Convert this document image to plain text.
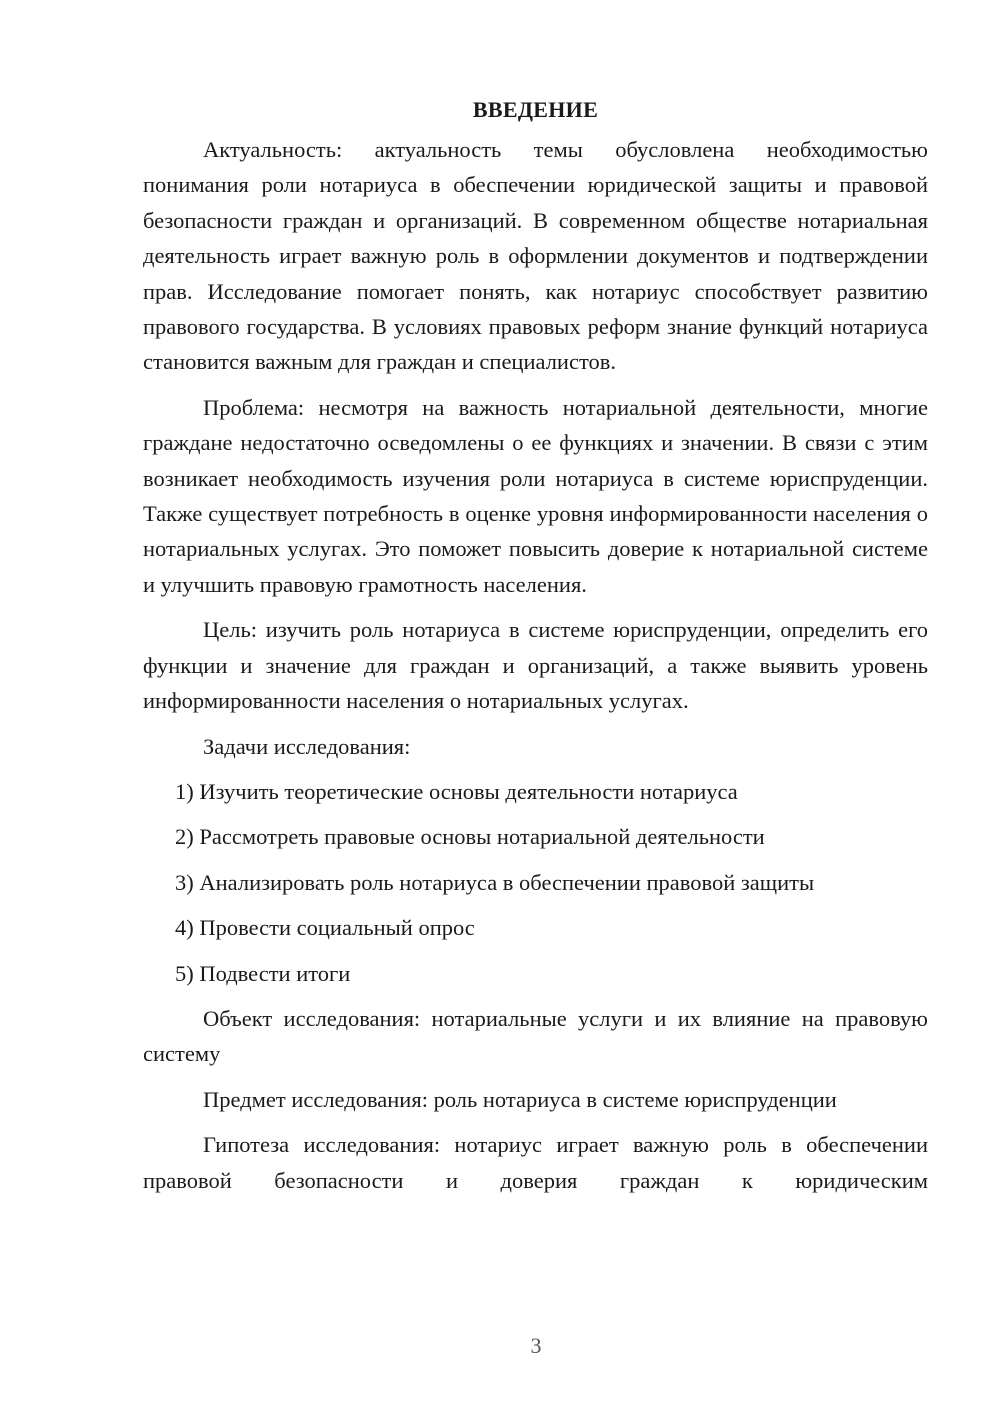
ВВЕДЕНИЕ

Актуальность: актуальность темы обусловлена необходимостью понимания роли нотариуса в обеспечении юридической защиты и правовой безопасности граждан и организаций. В современном обществе нотариальная деятельность играет важную роль в оформлении документов и подтверждении прав. Исследование помогает понять, как нотариус способствует развитию правового государства. В условиях правовых реформ знание функций нотариуса становится важным для граждан и специалистов.

Проблема: несмотря на важность нотариальной деятельности, многие граждане недостаточно осведомлены о ее функциях и значении. В связи с этим возникает необходимость изучения роли нотариуса в системе юриспруденции. Также существует потребность в оценке уровня информированности населения о нотариальных услугах. Это поможет повысить доверие к нотариальной системе и улучшить правовую грамотность населения.

Цель: изучить роль нотариуса в системе юриспруденции, определить его функции и значение для граждан и организаций, а также выявить уровень информированности населения о нотариальных услугах.

Задачи исследования:

1) Изучить теоретические основы деятельности нотариуса
2) Рассмотреть правовые основы нотариальной деятельности
3) Анализировать роль нотариуса в обеспечении правовой защиты
4) Провести социальный опрос
5) Подвести итоги

Объект исследования: нотариальные услуги и их влияние на правовую систему

Предмет исследования: роль нотариуса в системе юриспруденции

Гипотеза исследования: нотариус играет важную роль в обеспечении правовой безопасности и доверия граждан к юридическим

3
